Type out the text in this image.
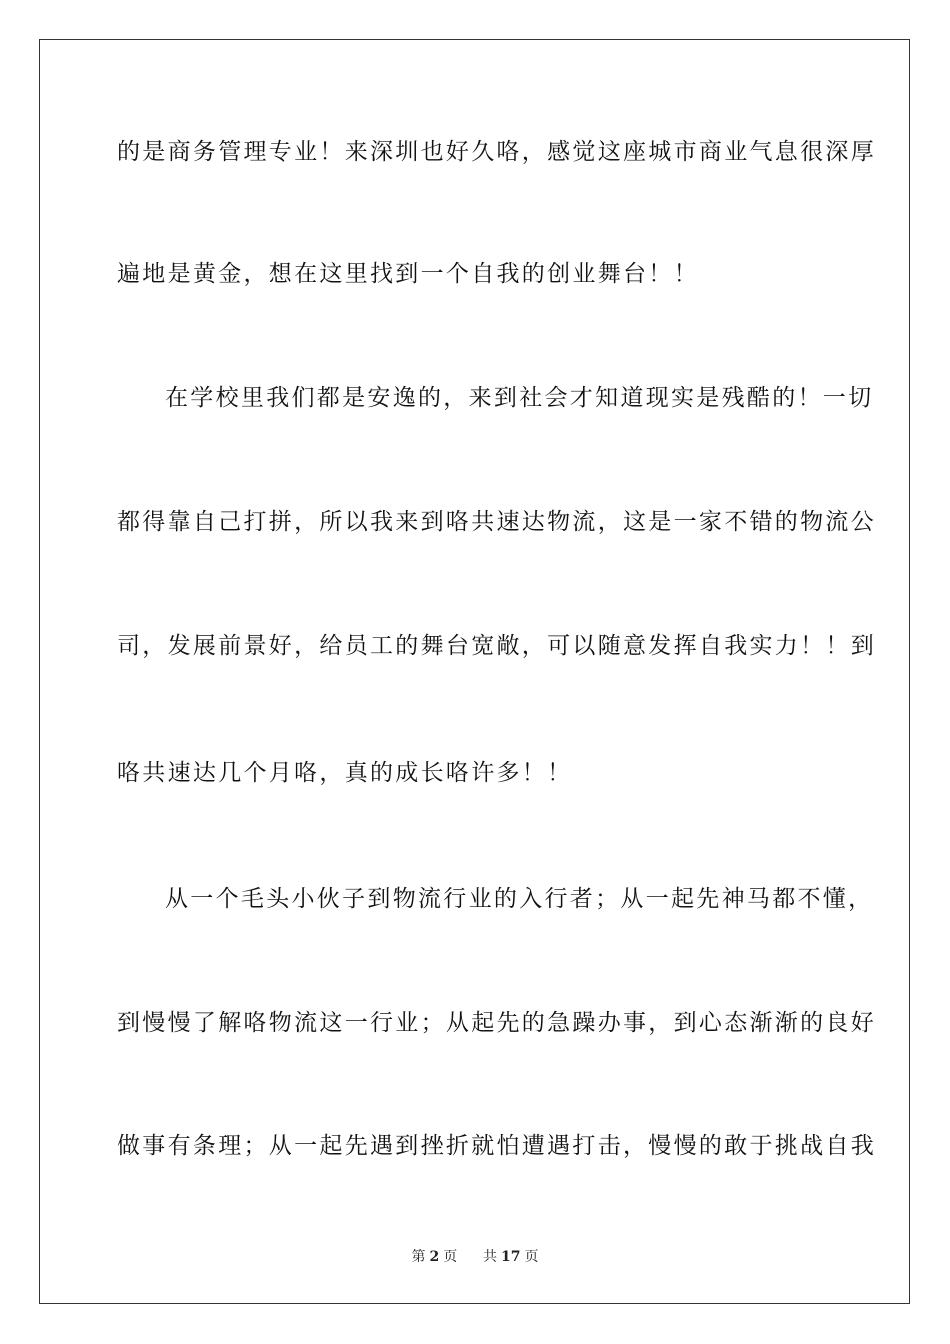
的是商务管理专业！来深圳也好久咯，感觉这座城市商业气息很深厚
遍地是黄金，想在这里找到一个自我的创业舞台！！
在学校里我们都是安逸的，来到社会才知道现实是残酷的！一切
都得靠自己打拼，所以我来到咯共速达物流，这是一家不错的物流公
司，发展前景好，给员工的舞台宽敞，可以随意发挥自我实力！！到
咯共速达几个月咯，真的成长咯许多！！
从一个毛头小伙子到物流行业的入行者；从一起先神马都不懂，
到慢慢了解咯物流这一行业；从起先的急躁办事，到心态渐渐的良好
做事有条理；从一起先遇到挫折就怕遭遇打击，慢慢的敢于挑战自我
第 2 页 共 17 页
